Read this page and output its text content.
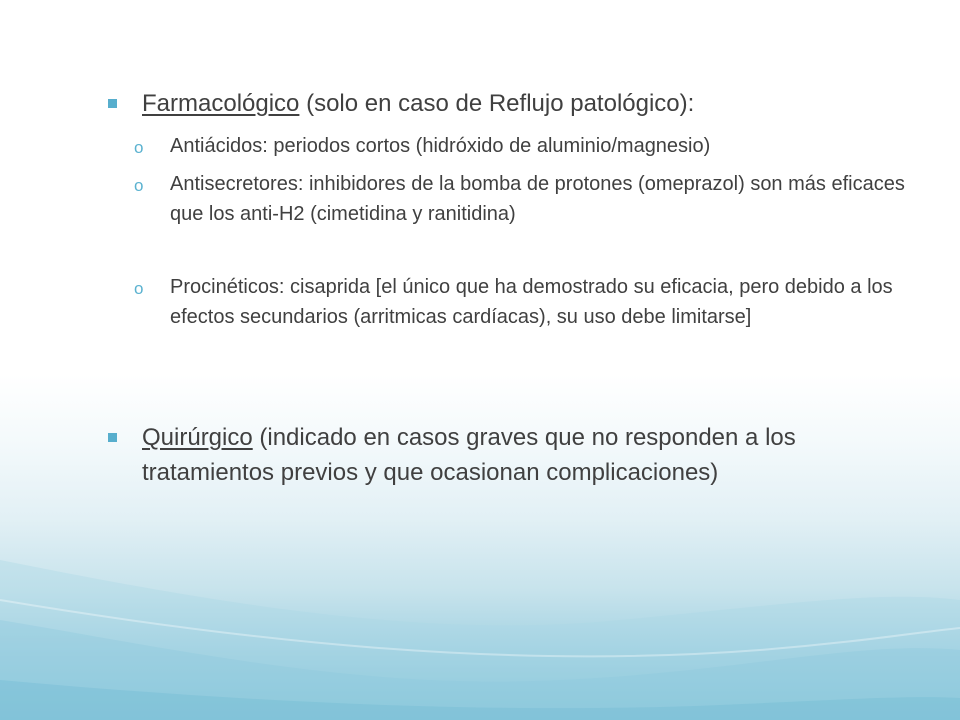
Farmacológico (solo en caso de Reflujo patológico):
o	Antiácidos: periodos cortos (hidróxido de aluminio/magnesio)
o	Antisecretores: inhibidores de la bomba de protones (omeprazol) son más eficaces que los anti-H2 (cimetidina y ranitidina)
o	Procinéticos: cisaprida [el único que ha demostrado su eficacia, pero debido a los efectos secundarios (arritmicas cardíacas), su uso debe limitarse]
Quirúrgico (indicado en casos graves que no responden a los tratamientos previos y que ocasionan complicaciones)
